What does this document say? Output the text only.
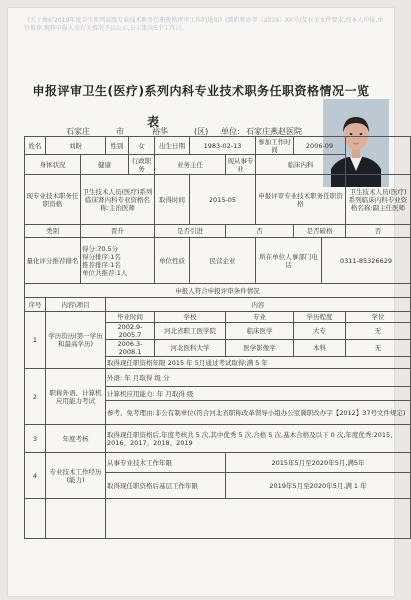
《关于做好2019年度卫生系列高级专业技术职务任职资格评审工作的通知》(冀职称办字〔2019〕XX号)及有关文件要求,经本人申报,单位推荐,现将申报人员有关情况予以公示,公示期为5个工作日。
申报评审卫生(医疗)系列内科专业技术职务任职资格情况一览
表
石家庄	市	裕华	(区) 单位: 石家庄燕赵医院
姓名	刘盼		性别	女	出生日期	1983-02-13		参加工作时间	2006-09		
身体状况		健康		行政职务	业务主任		现从事专业	临床内科			
现专业技术职务任职资格		卫生技术人员(医疗)系列临床肾内科专业资格名称:主治医师			取得时间	2015-05		申报评审专业技术职务任职资格			卫生技术人员(医疗)系列临床内科专业资格名称:副主任医师
类别		晋升			是否引进		否		是否破格		否
量化评分推荐排名		得分:70.5分
得分排序:1名
推荐排序:1名
单位共推荐:1人			单位性质	民营企业		所在单位人事部门电话		0311-85326629	
申报人符合申报评审条件情况											
序号	内容\项目		内容								
1	学历资历(第一学历和最高学历)		毕业时间		学校		专业		学历程度		学位
			2002.9-2005.7		河北省职工医学院		临床医学		大专		无
			2006.3-2008.1		河北医科大学		医学影像学		本科		无
			取得现任职资格年限 2015 年 5月通过考试取得;满 5 年								
2	职称外语、计算机应用能力考试		外语: 年 月取得 级 分								
			计算机应用能力: 年 月取得 级								
			参考、免考理由:非公有制单位(符合河北省职称改革领导小组办公室冀职改办字【2012】37号文件规定)								
3	年度考核		取得现任职资格后,年度考核共 5 次,其中优秀 5 次,合格 5 次,基本合格及以下 0 次,年度优秀:2015、2016、2017、2018、2019								
4	专业技术工作经历(能力)		从事专业技术工作年限				2015年5月至2020年5月,满5年				
			取得现任职资格后基层工作年限				2019年5月至2020年5月,满 1 年				
